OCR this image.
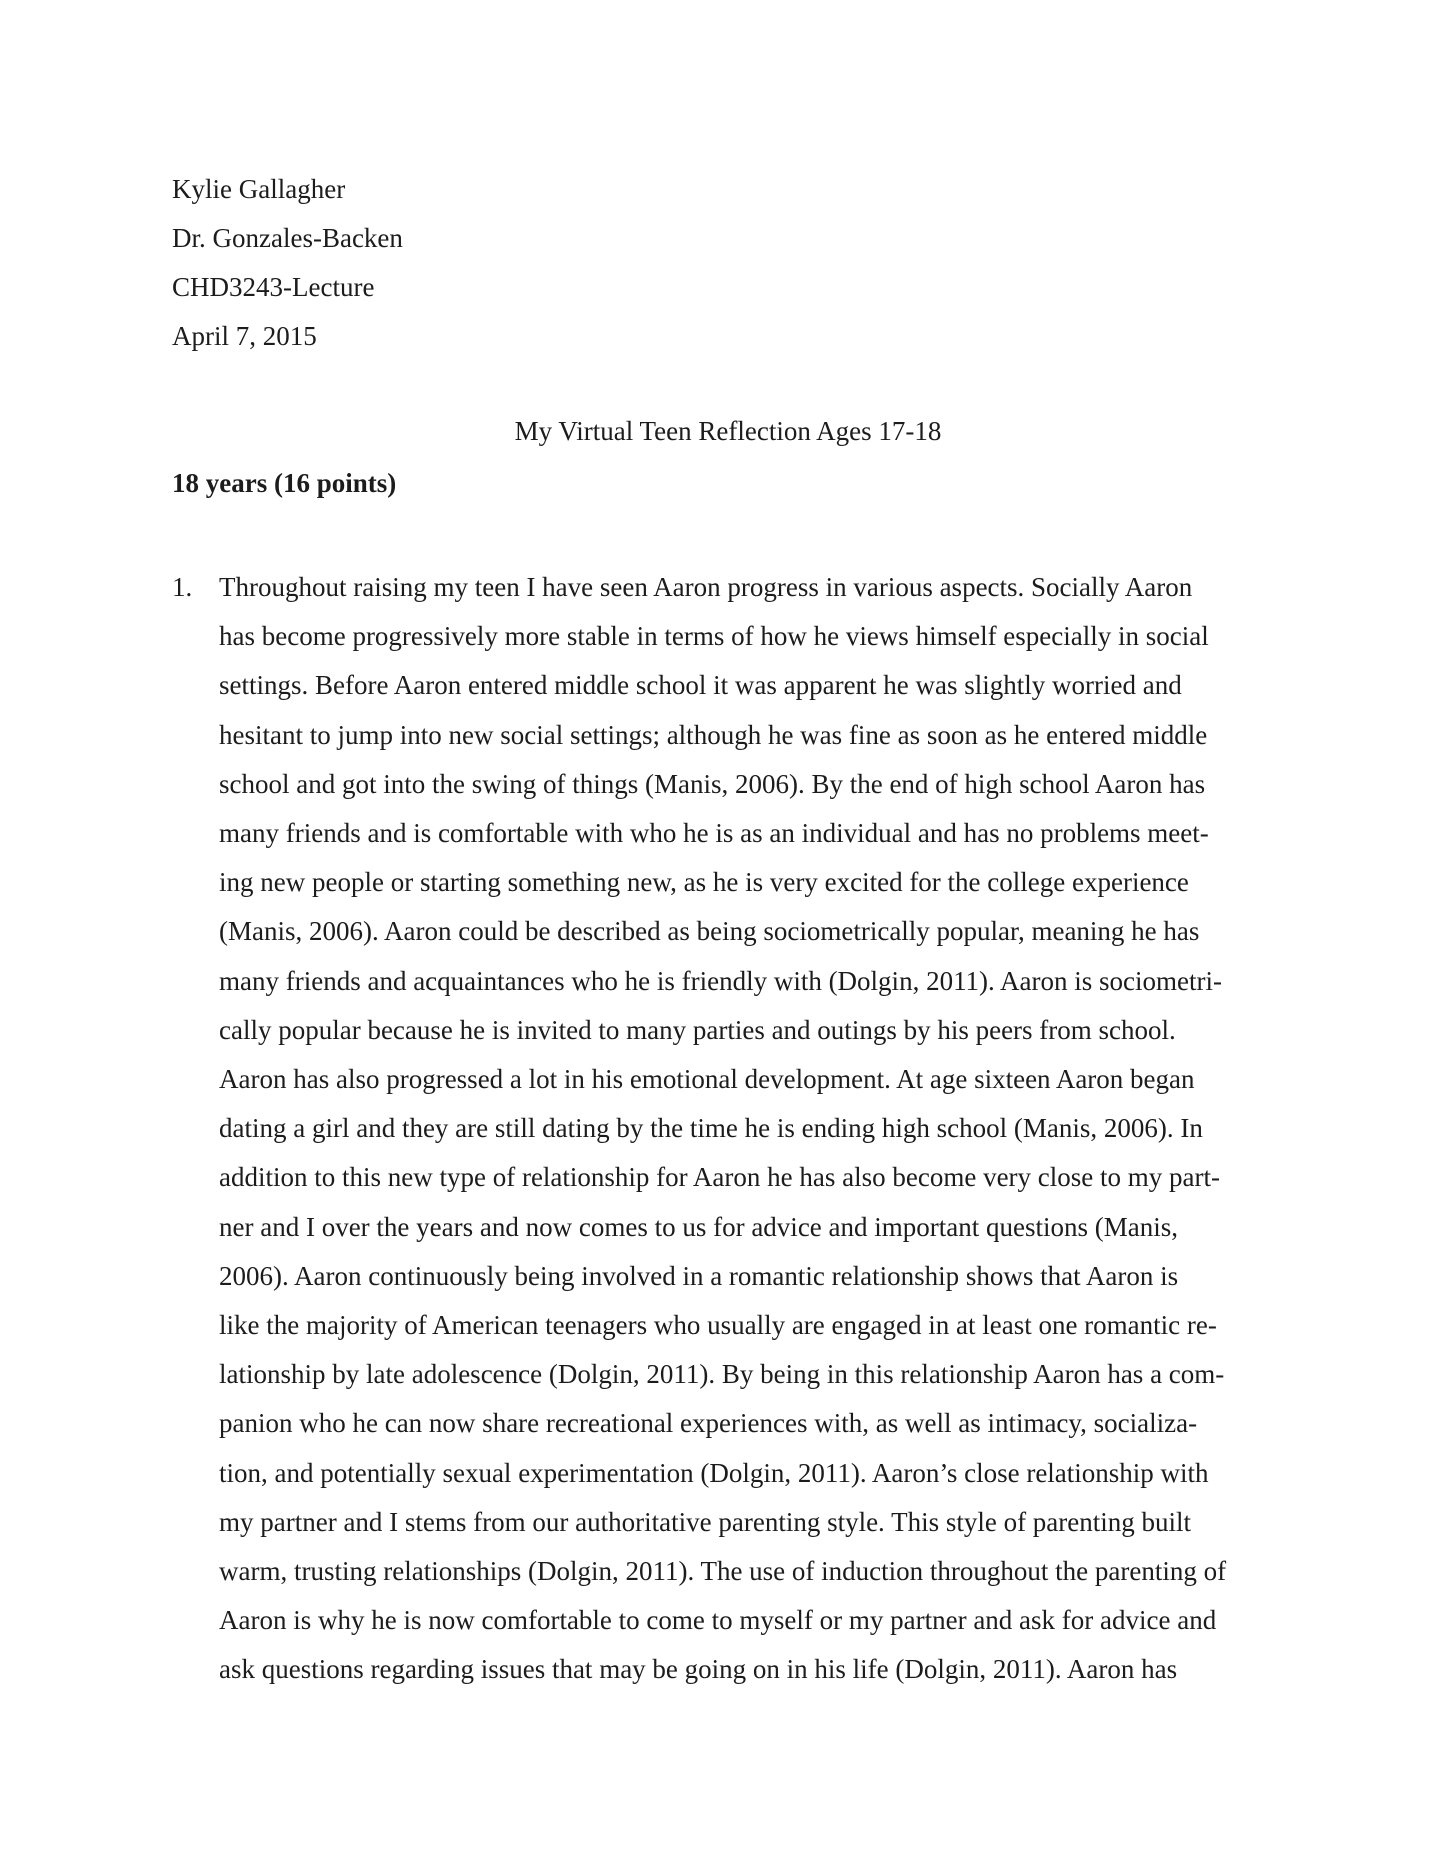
Kylie Gallagher
Dr. Gonzales-Backen
CHD3243-Lecture
April 7, 2015
My Virtual Teen Reflection Ages 17-18
18 years (16 points)
1. Throughout raising my teen I have seen Aaron progress in various aspects. Socially Aaron
has become progressively more stable in terms of how he views himself especially in social
settings. Before Aaron entered middle school it was apparent he was slightly worried and
hesitant to jump into new social settings; although he was fine as soon as he entered middle
school and got into the swing of things (Manis, 2006). By the end of high school Aaron has
many friends and is comfortable with who he is as an individual and has no problems meet-
ing new people or starting something new, as he is very excited for the college experience
(Manis, 2006). Aaron could be described as being sociometrically popular, meaning he has
many friends and acquaintances who he is friendly with (Dolgin, 2011). Aaron is sociometri-
cally popular because he is invited to many parties and outings by his peers from school.
Aaron has also progressed a lot in his emotional development. At age sixteen Aaron began
dating a girl and they are still dating by the time he is ending high school (Manis, 2006). In
addition to this new type of relationship for Aaron he has also become very close to my part-
ner and I over the years and now comes to us for advice and important questions (Manis,
2006). Aaron continuously being involved in a romantic relationship shows that Aaron is
like the majority of American teenagers who usually are engaged in at least one romantic re-
lationship by late adolescence (Dolgin, 2011). By being in this relationship Aaron has a com-
panion who he can now share recreational experiences with, as well as intimacy, socializa-
tion, and potentially sexual experimentation (Dolgin, 2011). Aaron’s close relationship with
my partner and I stems from our authoritative parenting style. This style of parenting built
warm, trusting relationships (Dolgin, 2011). The use of induction throughout the parenting of
Aaron is why he is now comfortable to come to myself or my partner and ask for advice and
ask questions regarding issues that may be going on in his life (Dolgin, 2011). Aaron has
